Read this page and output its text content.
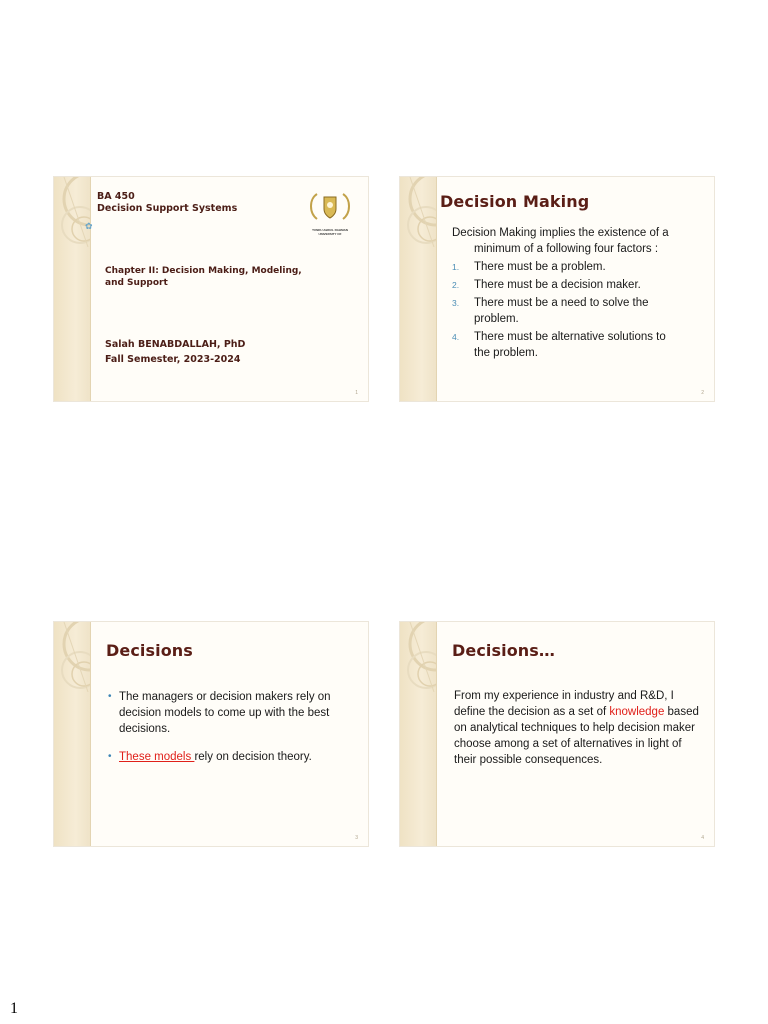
✿
BA 450
Decision Support Systems
TUNKU ABDUL RAHMAN
UNIVERSITY OF
Chapter II: Decision Making, Modeling,
and Support
Salah BENABDALLAH, PhD
Fall Semester, 2023-2024
1
Decision Making
Decision Making implies the existence of a
minimum of a following four factors :
1.	There must be a problem.
2.	There must be a decision maker.
3.	There must be a need to solve the
problem.
4.	There must be alternative solutions to
the problem.
2
Decisions
• The managers or decision makers rely on decision models to come up with the best decisions.
• These models rely on decision theory.
3
Decisions…
From my experience in industry and R&D, I define the decision as a set of knowledge based on analytical techniques to help decision maker choose among a set of alternatives in light of their possible consequences.
4
1
